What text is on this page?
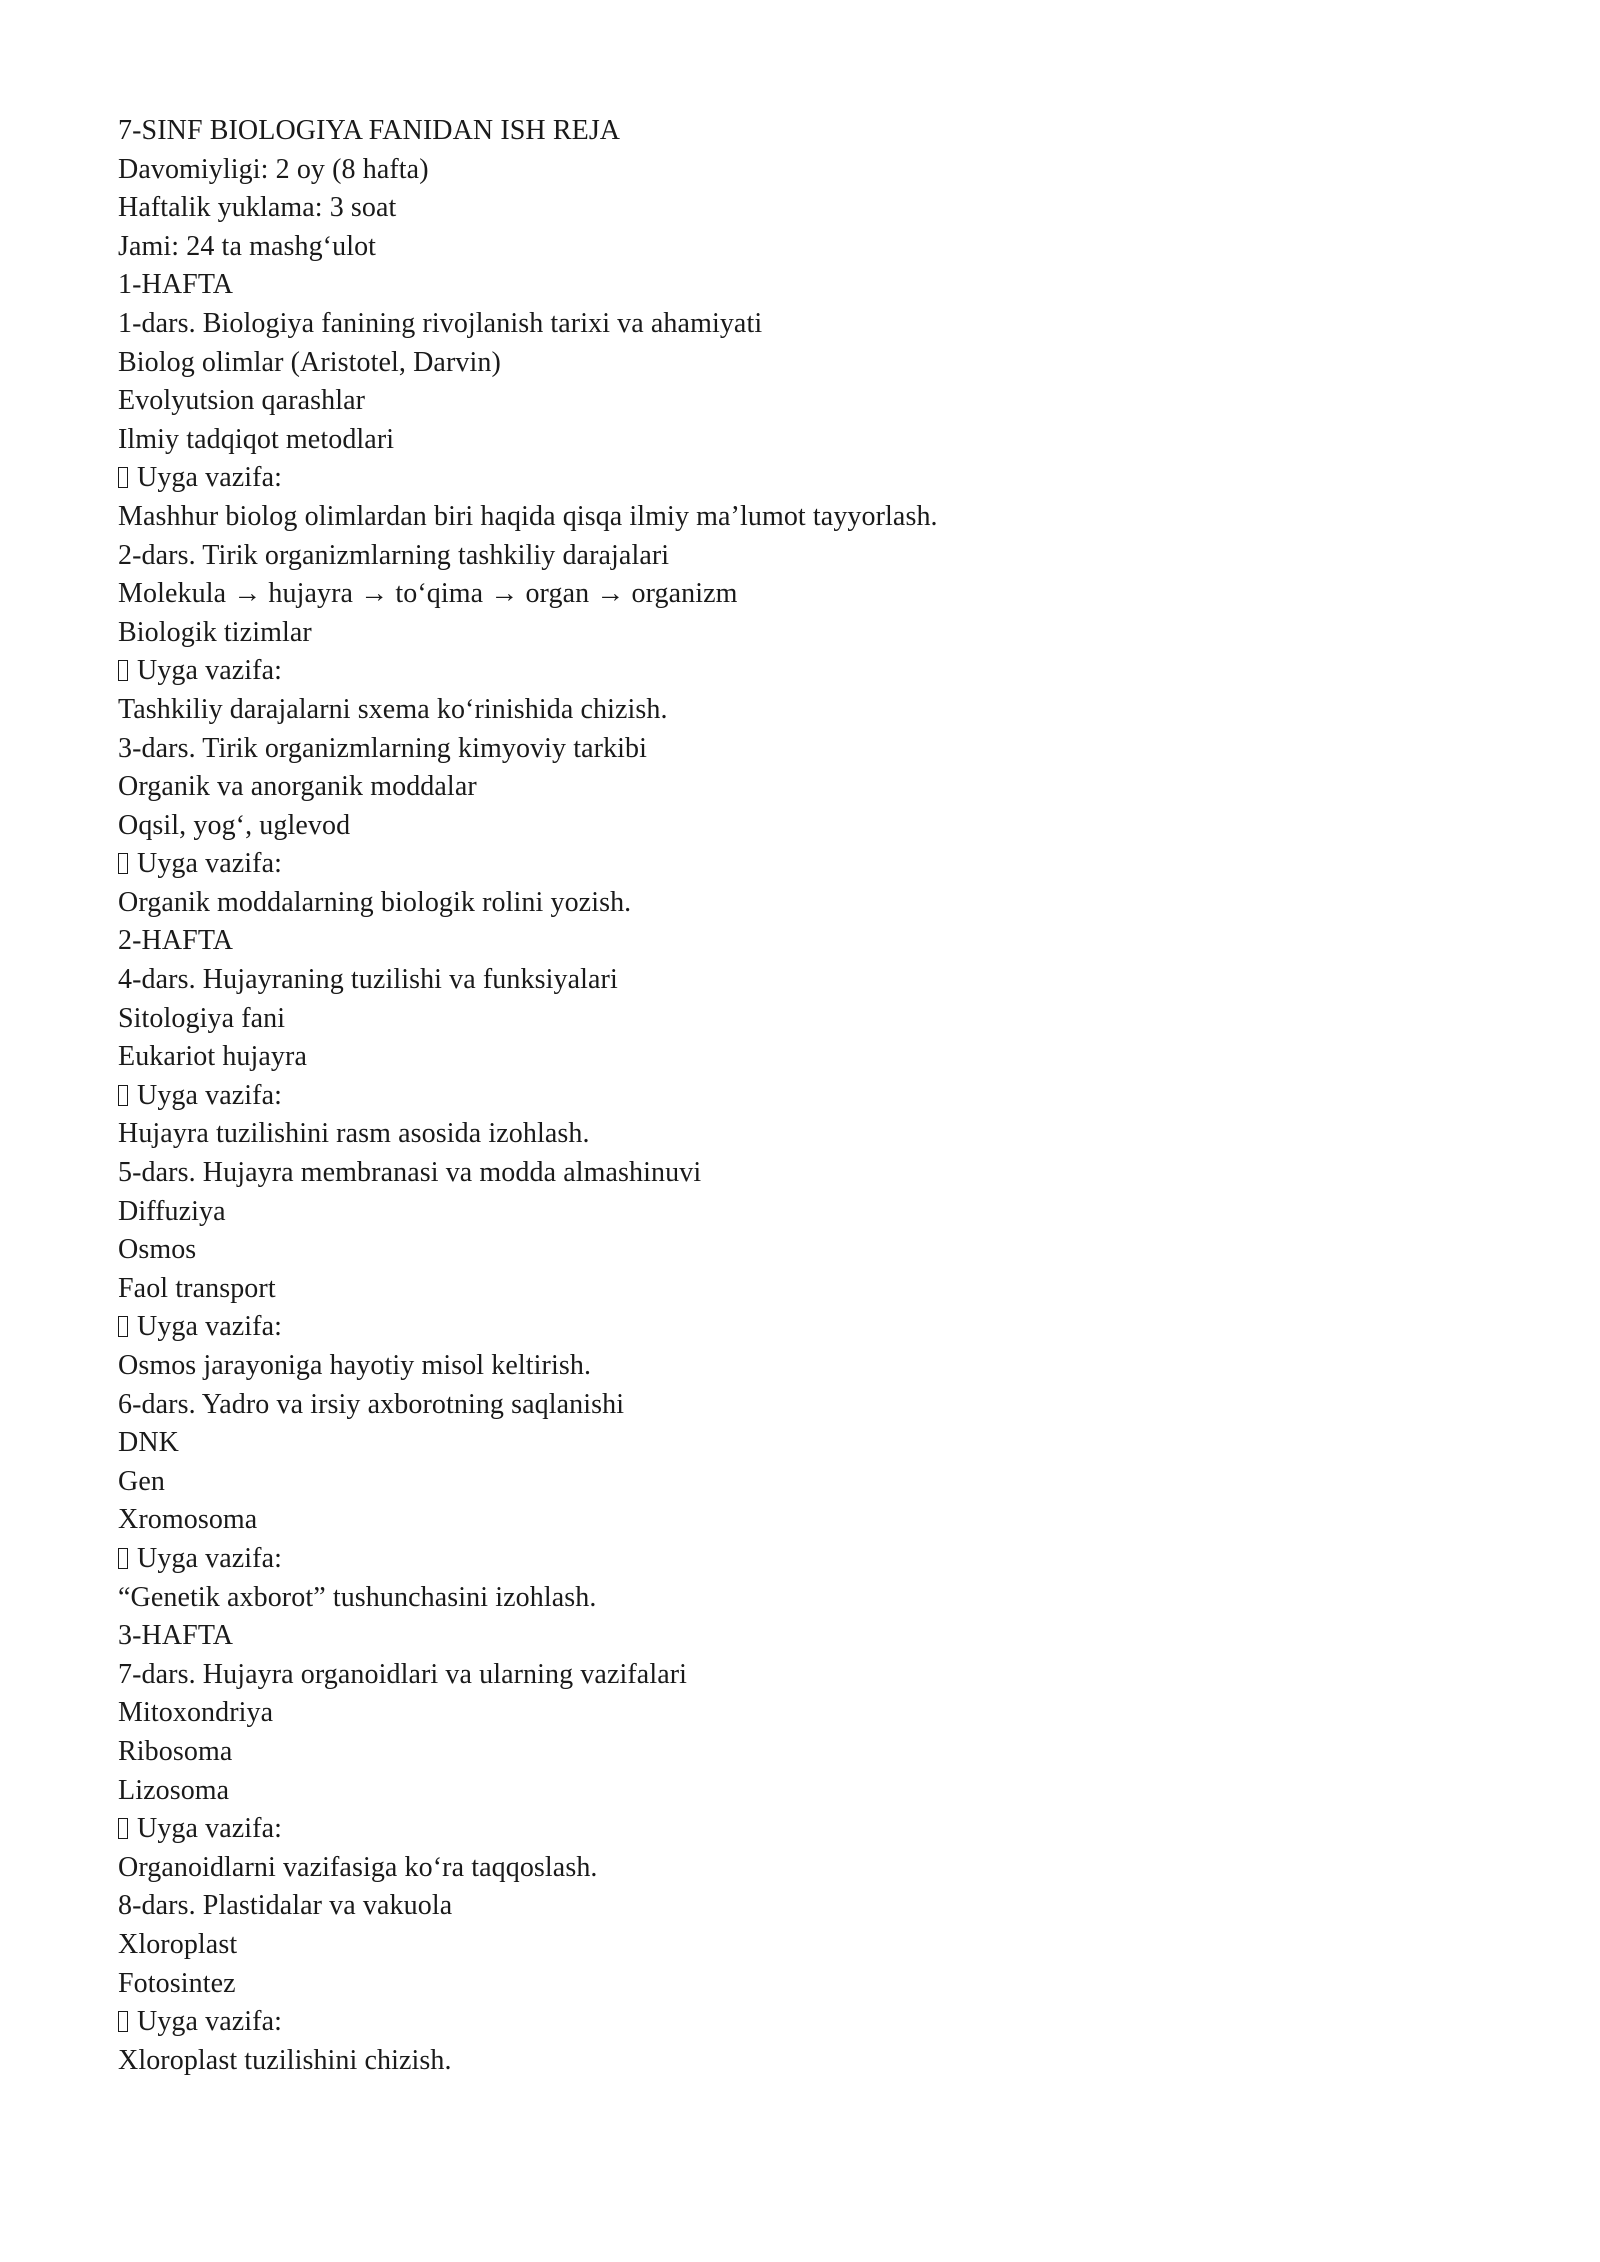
7-SINF BIOLOGIYA FANIDAN ISH REJA
Davomiyligi: 2 oy (8 hafta)
Haftalik yuklama: 3 soat
Jami: 24 ta mashg‘ulot
1-HAFTA
1-dars. Biologiya fanining rivojlanish tarixi va ahamiyati
Biolog olimlar (Aristotel, Darvin)
Evolyutsion qarashlar
Ilmiy tadqiqot metodlari
Uyga vazifa:
Mashhur biolog olimlardan biri haqida qisqa ilmiy ma’lumot tayyorlash.
2-dars. Tirik organizmlarning tashkiliy darajalari
Molekula → hujayra → to‘qima → organ → organizm
Biologik tizimlar
Uyga vazifa:
Tashkiliy darajalarni sxema ko‘rinishida chizish.
3-dars. Tirik organizmlarning kimyoviy tarkibi
Organik va anorganik moddalar
Oqsil, yog‘, uglevod
Uyga vazifa:
Organik moddalarning biologik rolini yozish.
2-HAFTA
4-dars. Hujayraning tuzilishi va funksiyalari
Sitologiya fani
Eukariot hujayra
Uyga vazifa:
Hujayra tuzilishini rasm asosida izohlash.
5-dars. Hujayra membranasi va modda almashinuvi
Diffuziya
Osmos
Faol transport
Uyga vazifa:
Osmos jarayoniga hayotiy misol keltirish.
6-dars. Yadro va irsiy axborotning saqlanishi
DNK
Gen
Xromosoma
Uyga vazifa:
“Genetik axborot” tushunchasini izohlash.
3-HAFTA
7-dars. Hujayra organoidlari va ularning vazifalari
Mitoxondriya
Ribosoma
Lizosoma
Uyga vazifa:
Organoidlarni vazifasiga ko‘ra taqqoslash.
8-dars. Plastidalar va vakuola
Xloroplast
Fotosintez
Uyga vazifa:
Xloroplast tuzilishini chizish.
